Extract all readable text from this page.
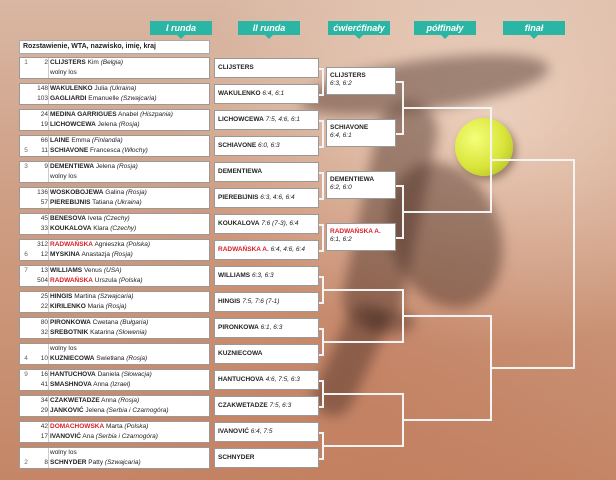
I runda	II runda	ćwierćfinały	półfinały	finał
Rozstawienie, WTA, nazwisko, imię, kraj
1	2 CLIJSTERS Kim (Belgia)
wolny los
148 WAKULENKO Julia (Ukraina)
103 GAGLIARDI Emanuelle (Szwajcaria)
24 MEDINA GARRIGUES Anabel (Hiszpania)
19 LICHOWCEWA Jelena (Rosja)
66 LAINE Emma (Finlandia)
5	11 SCHIAVONE Francesca (Włochy)
3	9 DEMENTIEWA Jelena (Rosja)
wolny los
136 WOSKOBOJEWA Galina (Rosja)
57 PIEREBIJNIS Tatiana (Ukraina)
45 BENESOVA Iveta (Czechy)
33 KOUKALOVA Klara (Czechy)
312 RADWAŃSKA Agnieszka (Polska)
6	12 MYSKINA Anastazja (Rosja)
7	13 WILLIAMS Venus (USA)
504 RADWAŃSKA Urszula (Polska)
25 HINGIS Martina (Szwajcaria)
22 KIRILENKO Maria (Rosja)
80 PIRONKOWA Cwetana (Bułgaria)
32 SREBOTNIK Katarina (Słowenia)
wolny los
4	10 KUZNIECOWA Swietłana (Rosja)
9	16 HANTUCHOVA Daniela (Słowacja)
41 SMASHNOVA Anna (Izrael)
34 CZAKWETADZE Anna (Rosja)
29 JANKOVIĆ Jelena (Serbia i Czarnogóra)
42 DOMACHOWSKA Marta (Polska)
17 IVANOVIĆ Ana (Serbia i Czarnogóra)
wolny los
2	8 SCHNYDER Patty (Szwajcaria)
CLIJSTERS
WAKULENKO 6:4, 6:1
LICHOWCEWA 7:5, 4:6, 6:1
SCHIAVONE 6:0, 6:3
DEMENTIEWA
PIEREBIJNIS 6:3, 4:6, 6:4
KOUKALOVA 7:6 (7-3), 6:4
RADWAŃSKA A. 6:4, 4:6, 6:4
WILLIAMS 6:3, 6:3
HINGIS 7:5, 7:6 (7-1)
PIRONKOWA 6:1, 6:3
KUZNIECOWA
HANTUCHOVA 4:6, 7:5, 6:3
CZAKWETADZE 7:5, 6:3
IVANOVIĆ 6:4, 7:5
SCHNYDER
CLIJSTERS
6:3, 6:2
SCHIAVONE
6:4, 6:1
DEMENTIEWA
6:2, 6:0
RADWAŃSKA A.
6:1, 6:2
